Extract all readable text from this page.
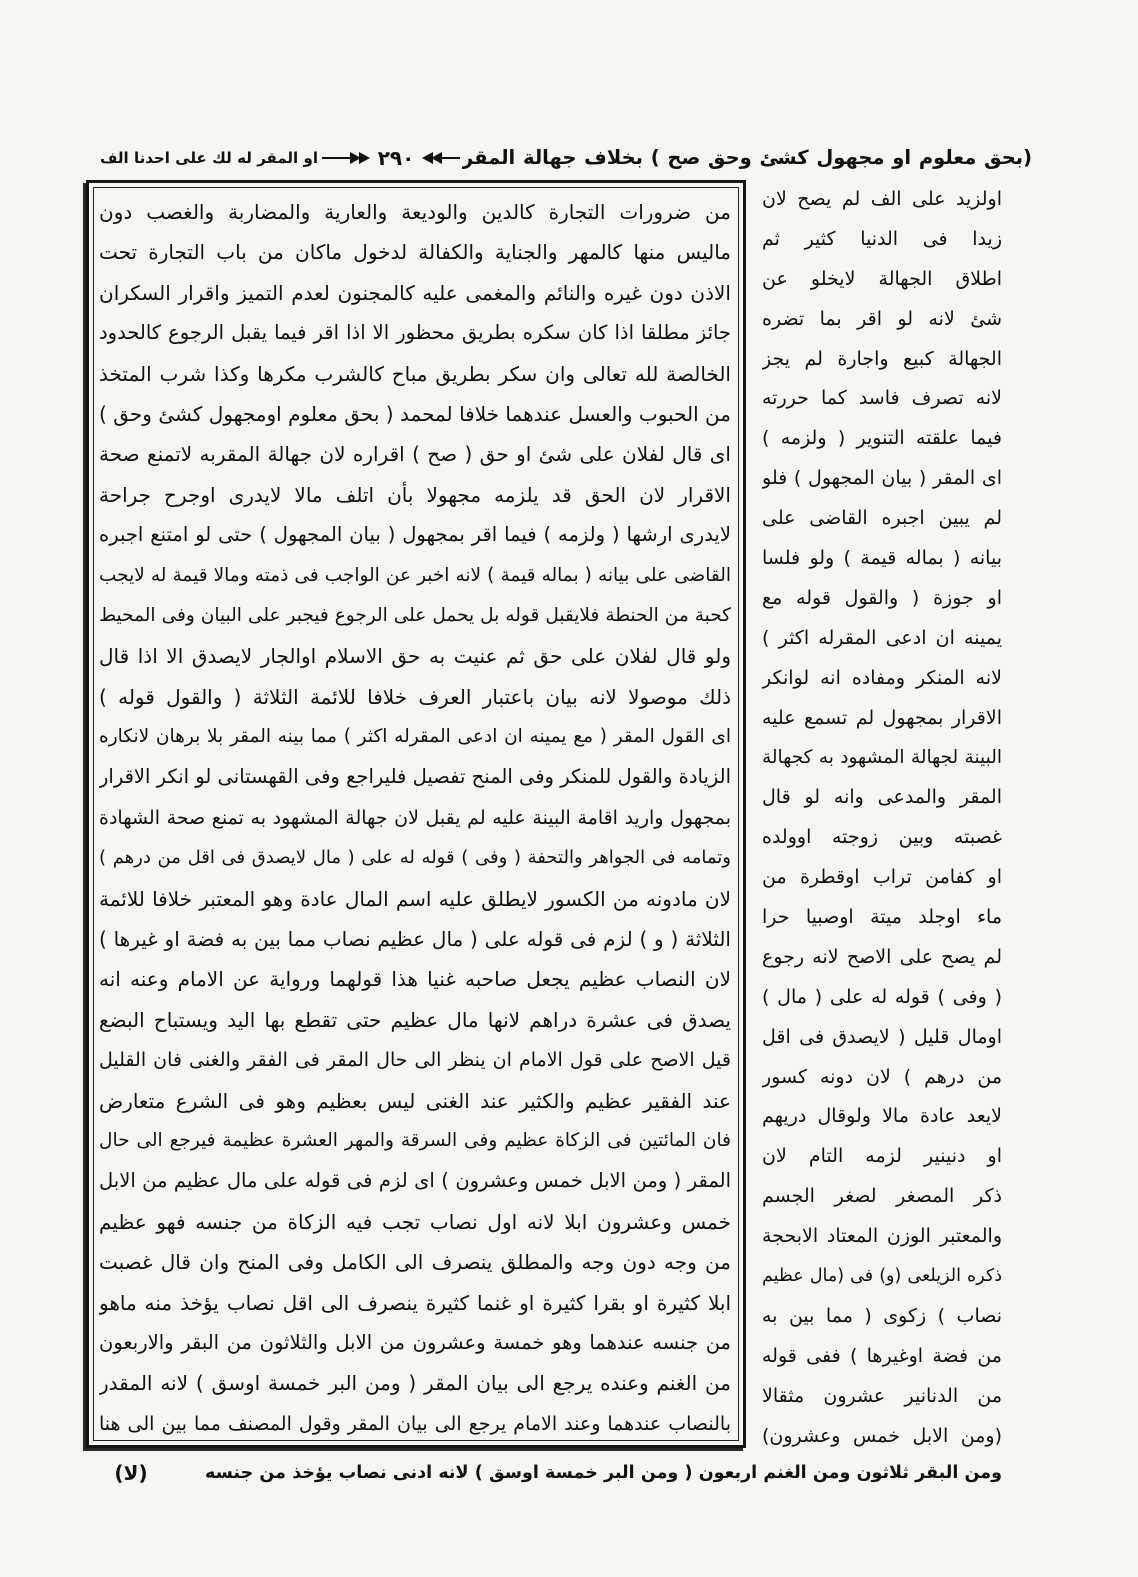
(بحق معلوم او مجهول كشئ وحق صح ) بخلاف جهالة المقر
٢٩٠
او المقر له لك على احدنا الف
من ضرورات التجارة كالدين والوديعة والعارية والمضاربة والغصب دون
ماليس منها كالمهر والجناية والكفالة لدخول ماكان من باب التجارة تحت
الاذن دون غيره والنائم والمغمى عليه كالمجنون لعدم التميز واقرار السكران
جائز مطلقا اذا كان سكره بطريق محظور الا اذا اقر فيما يقبل الرجوع كالحدود
الخالصة لله تعالى وان سكر بطريق مباح كالشرب مكرها وكذا شرب المتخذ
من الحبوب والعسل عندهما خلافا لمحمد ( بحق معلوم اومجهول كشئ وحق )
اى قال لفلان على شئ او حق ( صح ) اقراره لان جهالة المقربه لاتمنع صحة
الاقرار لان الحق قد يلزمه مجهولا بأن اتلف مالا لايدرى اوجرح جراحة
لايدرى ارشها ( ولزمه ) فيما اقر بمجهول ( بيان المجهول ) حتى لو امتنع اجبره
القاضى على بيانه ( بماله قيمة ) لانه اخبر عن الواجب فى ذمته ومالا قيمة له لايجب
كحبة من الحنطة فلايقبل قوله بل يحمل على الرجوع فيجبر على البيان وفى المحيط
ولو قال لفلان على حق ثم عنيت به حق الاسلام اوالجار لايصدق الا اذا قال
ذلك موصولا لانه بيان باعتبار العرف خلافا للائمة الثلاثة ( والقول قوله )
اى القول المقر ( مع يمينه ان ادعى المقرله اكثر ) مما بينه المقر بلا برهان لانكاره
الزيادة والقول للمنكر وفى المنح تفصيل فليراجع وفى القهستانى لو انكر الاقرار
بمجهول واريد اقامة البينة عليه لم يقبل لان جهالة المشهود به تمنع صحة الشهادة
وتمامه فى الجواهر والتحفة ( وفى ) قوله له على ( مال لايصدق فى اقل من درهم )
لان مادونه من الكسور لايطلق عليه اسم المال عادة وهو المعتبر خلافا للائمة
الثلاثة ( و ) لزم فى قوله على ( مال عظيم نصاب مما بين به فضة او غيرها )
لان النصاب عظيم يجعل صاحبه غنيا هذا قولهما ورواية عن الامام وعنه انه
يصدق فى عشرة دراهم لانها مال عظيم حتى تقطع بها اليد ويستباح البضع
قيل الاصح على قول الامام ان ينظر الى حال المقر فى الفقر والغنى فان القليل
عند الفقير عظيم والكثير عند الغنى ليس بعظيم وهو فى الشرع متعارض
فان المائتين فى الزكاة عظيم وفى السرقة والمهر العشرة عظيمة فيرجع الى حال
المقر ( ومن الابل خمس وعشرون ) اى لزم فى قوله على مال عظيم من الابل
خمس وعشرون ابلا لانه اول نصاب تجب فيه الزكاة من جنسه فهو عظيم
من وجه دون وجه والمطلق ينصرف الى الكامل وفى المنح وان قال غصبت
ابلا كثيرة او بقرا كثيرة او غنما كثيرة ينصرف الى اقل نصاب يؤخذ منه ماهو
من جنسه عندهما وهو خمسة وعشرون من الابل والثلاثون من البقر والاربعون
من الغنم وعنده يرجع الى بيان المقر ( ومن البر خمسة اوسق ) لانه المقدر
بالنصاب عندهما وعند الامام يرجع الى بيان المقر وقول المصنف مما بين الى هنا
اولزيد على الف لم يصح لان
زيدا فى الدنيا كثير ثم
اطلاق الجهالة لايخلو عن
شئ لانه لو اقر بما تضره
الجهالة كبيع واجارة لم يجز
لانه تصرف فاسد كما حررته
فيما علقته التنوير ( ولزمه )
اى المقر ( بيان المجهول ) فلو
لم يبين اجبره القاضى على
بيانه ( بماله قيمة ) ولو فلسا
او جوزة ( والقول قوله مع
يمينه ان ادعى المقرله اكثر )
لانه المنكر ومفاده انه لوانكر
الاقرار بمجهول لم تسمع عليه
البينة لجهالة المشهود به كجهالة
المقر والمدعى وانه لو قال
غصبته وبين زوجته اوولده
او كفامن تراب اوقطرة من
ماء اوجلد ميتة اوصبيا حرا
لم يصح على الاصح لانه رجوع
( وفى ) قوله له على ( مال )
اومال قليل ( لايصدق فى اقل
من درهم ) لان دونه كسور
لايعد عادة مالا ولوقال دريهم
او دنينير لزمه التام لان
ذكر المصغر لصغر الجسم
والمعتبر الوزن المعتاد الابحجة
ذكره الزيلعى (و) فى (مال عظيم
نصاب ) زكوى ( مما بين به
من فضة اوغيرها ) ففى قوله
من الدنانير عشرون مثقالا
(ومن الابل خمس وعشرون)
ومن البقر ثلاثون ومن الغنم اربعون ( ومن البر خمسة اوسق ) لانه ادنى نصاب يؤخذ من جنسه
(لا)
